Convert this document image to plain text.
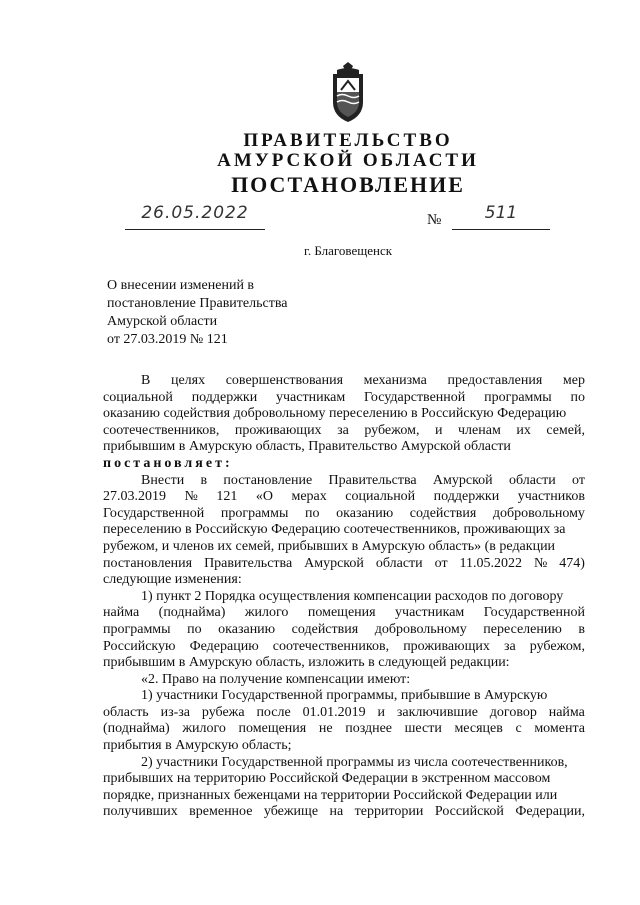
ПРАВИТЕЛЬСТВО
АМУРСКОЙ ОБЛАСТИ
ПОСТАНОВЛЕНИЕ
26.05.2022	№	511
г. Благовещенск
О внесении изменений в
постановление Правительства
Амурской области
от 27.03.2019 № 121
В целях совершенствования механизма предоставления мер
социальной поддержки участникам Государственной программы по
оказанию содействия добровольному переселению в Российскую Федерацию
соотечественников, проживающих за рубежом, и членам их семей,
прибывшим в Амурскую область, Правительство Амурской области
постановляет:
Внести в постановление Правительства Амурской области от
27.03.2019 № 121 «О мерах социальной поддержки участников
Государственной программы по оказанию содействия добровольному
переселению в Российскую Федерацию соотечественников, проживающих за
рубежом, и членов их семей, прибывших в Амурскую область» (в редакции
постановления Правительства Амурской области от 11.05.2022 № 474)
следующие изменения:
1) пункт 2 Порядка осуществления компенсации расходов по договору
найма (поднайма) жилого помещения участникам Государственной
программы по оказанию содействия добровольному переселению в
Российскую Федерацию соотечественников, проживающих за рубежом,
прибывшим в Амурскую область, изложить в следующей редакции:
«2. Право на получение компенсации имеют:
1) участники Государственной программы, прибывшие в Амурскую
область из-за рубежа после 01.01.2019 и заключившие договор найма
(поднайма) жилого помещения не позднее шести месяцев с момента
прибытия в Амурскую область;
2) участники Государственной программы из числа соотечественников,
прибывших на территорию Российской Федерации в экстренном массовом
порядке, признанных беженцами на территории Российской Федерации или
получивших временное убежище на территории Российской Федерации,
